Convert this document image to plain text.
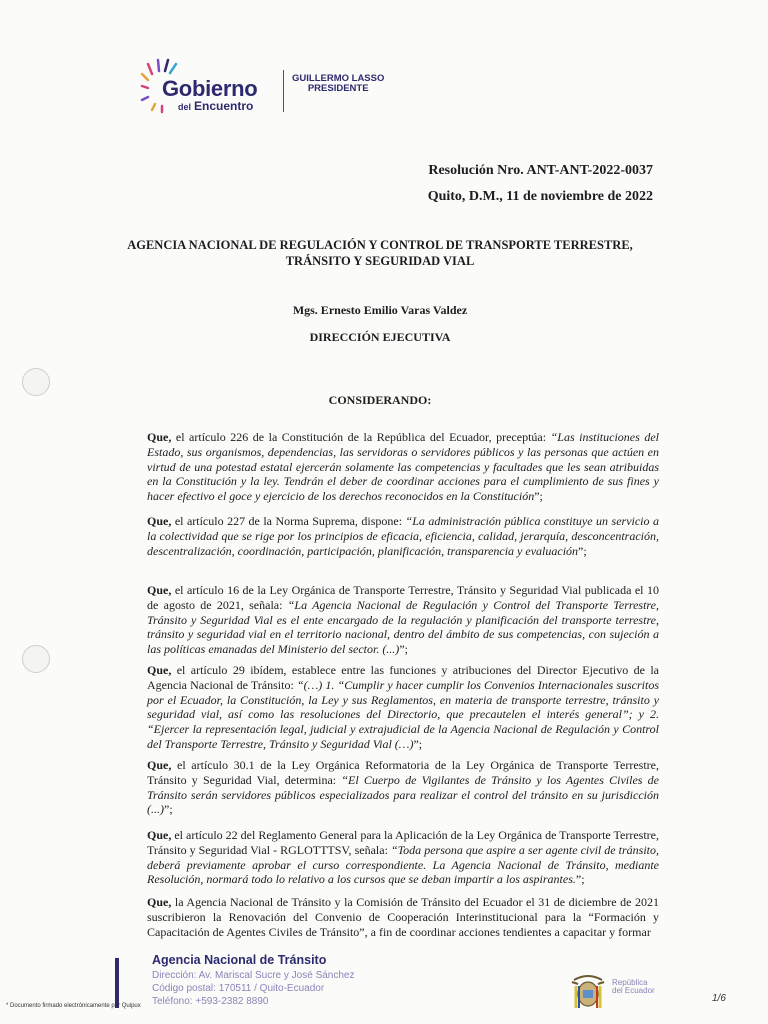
Gobierno
del Encuentro
GUILLERMO LASSO
PRESIDENTE
Resolución Nro. ANT-ANT-2022-0037
Quito, D.M., 11 de noviembre de 2022
AGENCIA NACIONAL DE REGULACIÓN Y CONTROL DE TRANSPORTE TERRESTRE,
TRÁNSITO Y SEGURIDAD VIAL
Mgs. Ernesto Emilio Varas Valdez
DIRECCIÓN EJECUTIVA
CONSIDERANDO:

Que, el artículo 226 de la Constitución de la República del Ecuador, preceptúa: “Las instituciones del Estado, sus organismos, dependencias, las servidoras o servidores públicos y las personas que actúen en virtud de una potestad estatal ejercerán solamente las competencias y facultades que les sean atribuidas en la Constitución y la ley. Tendrán el deber de coordinar acciones para el cumplimiento de sus fines y hacer efectivo el goce y ejercicio de los derechos reconocidos en la Constitución”;

Que, el artículo 227 de la Norma Suprema, dispone: “La administración pública constituye un servicio a la colectividad que se rige por los principios de eficacia, eficiencia, calidad, jerarquía, desconcentración, descentralización, coordinación, participación, planificación, transparencia y evaluación”;

Que, el artículo 16 de la Ley Orgánica de Transporte Terrestre, Tránsito y Seguridad Vial publicada el 10 de agosto de 2021, señala: “La Agencia Nacional de Regulación y Control del Transporte Terrestre, Tránsito y Seguridad Vial es el ente encargado de la regulación y planificación del transporte terrestre, tránsito y seguridad vial en el territorio nacional, dentro del ámbito de sus competencias, con sujeción a las políticas emanadas del Ministerio del sector. (...)”;

Que, el artículo 29 ibídem, establece entre las funciones y atribuciones del Director Ejecutivo de la Agencia Nacional de Tránsito: “(…) 1. “Cumplir y hacer cumplir los Convenios Internacionales suscritos por el Ecuador, la Constitución, la Ley y sus Reglamentos, en materia de transporte terrestre, tránsito y seguridad vial, así como las resoluciones del Directorio, que precautelen el interés general”; y 2. “Ejercer la representación legal, judicial y extrajudicial de la Agencia Nacional de Regulación y Control del Transporte Terrestre, Tránsito y Seguridad Vial (…)”;

Que, el artículo 30.1 de la Ley Orgánica Reformatoria de la Ley Orgánica de Transporte Terrestre, Tránsito y Seguridad Vial, determina: “El Cuerpo de Vigilantes de Tránsito y los Agentes Civiles de Tránsito serán servidores públicos especializados para realizar el control del tránsito en su jurisdicción (...)”;

Que, el artículo 22 del Reglamento General para la Aplicación de la Ley Orgánica de Transporte Terrestre, Tránsito y Seguridad Vial - RGLOTTTSV, señala: “Toda persona que aspire a ser agente civil de tránsito, deberá previamente aprobar el curso correspondiente. La Agencia Nacional de Tránsito, mediante Resolución, normará todo lo relativo a los cursos que se deban impartir a los aspirantes.”;

Que, la Agencia Nacional de Tránsito y la Comisión de Tránsito del Ecuador el 31 de diciembre de 2021 suscribieron la Renovación del Convenio de Cooperación Interinstitucional para la “Formación y Capacitación de Agentes Civiles de Tránsito”, a fin de coordinar acciones tendientes a capacitar y formar

Agencia Nacional de Tránsito
Dirección: Av. Mariscal Sucre y José Sánchez
Código postal: 170511 / Quito-Ecuador
Teléfono: +593-2382 8890
* Documento firmado electrónicamente por Quipux
República
del Ecuador
1/6
